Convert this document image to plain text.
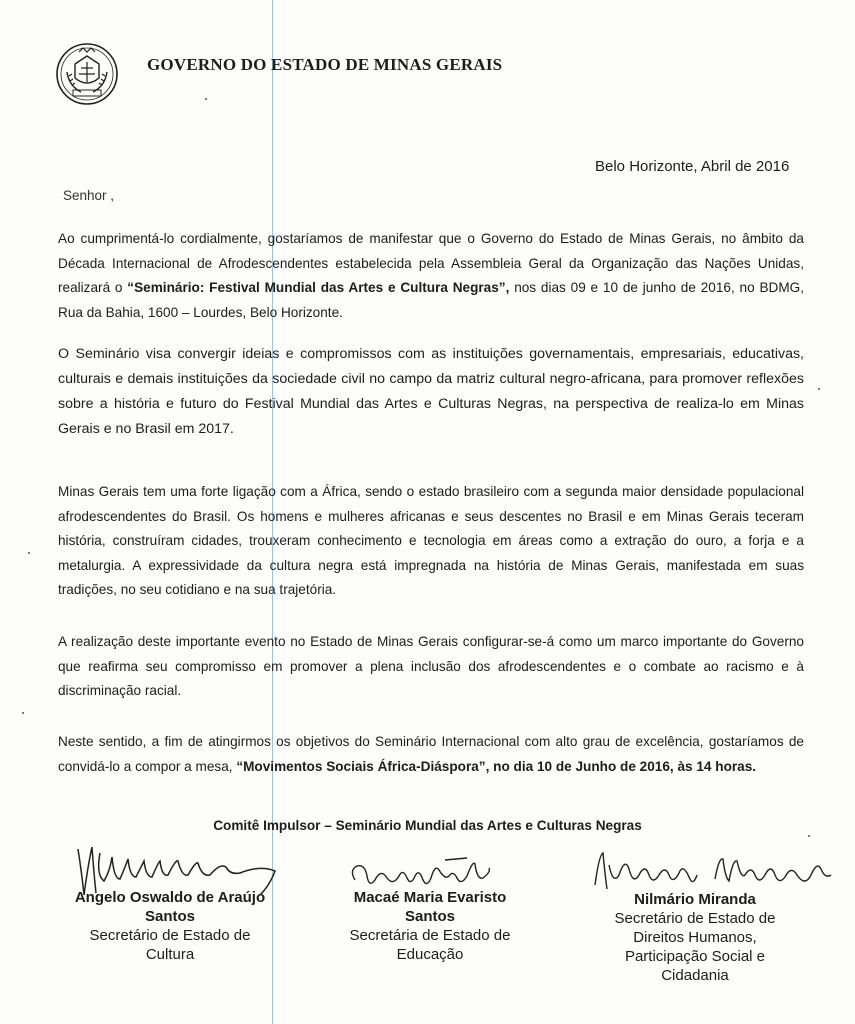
GOVERNO DO ESTADO DE MINAS GERAIS
Belo Horizonte, Abril de 2016
Senhor ,

Ao cumprimentá-lo cordialmente, gostaríamos de manifestar que o Governo do Estado de Minas Gerais, no âmbito da Década Internacional de Afrodescendentes estabelecida pela Assembleia Geral da Organização das Nações Unidas, realizará o “Seminário: Festival Mundial das Artes e Cultura Negras”, nos dias 09 e 10 de junho de 2016, no BDMG, Rua da Bahia, 1600 – Lourdes, Belo Horizonte.

O Seminário visa convergir ideias e compromissos com as instituições governamentais, empresariais, educativas, culturais e demais instituições da sociedade civil no campo da matriz cultural negro-africana, para promover reflexões sobre a história e futuro do Festival Mundial das Artes e Culturas Negras, na perspectiva de realiza-lo em Minas Gerais e no Brasil em 2017.

Minas Gerais tem uma forte ligação com a África, sendo o estado brasileiro com a segunda maior densidade populacional afrodescendentes do Brasil. Os homens e mulheres africanas e seus descentes no Brasil e em Minas Gerais teceram história, construíram cidades, trouxeram conhecimento e tecnologia em áreas como a extração do ouro, a forja e a metalurgia. A expressividade da cultura negra está impregnada na história de Minas Gerais, manifestada em suas tradições, no seu cotidiano e na sua trajetória.

A realização deste importante evento no Estado de Minas Gerais configurar-se-á como um marco importante do Governo que reafirma seu compromisso em promover a plena inclusão dos afrodescendentes e o combate ao racismo e à discriminação racial.

Neste sentido, a fim de atingirmos os objetivos do Seminário Internacional com alto grau de excelência, gostaríamos de convidá-lo a compor a mesa, “Movimentos Sociais África-Diáspora”, no dia 10 de Junho de 2016, às 14 horas.

Comitê Impulsor – Seminário Mundial das Artes e Culturas Negras
Angelo Oswaldo de Araújo
Santos
Secretário de Estado de
Cultura
Macaé Maria Evaristo
Santos
Secretária de Estado de
Educação
Nilmário Miranda
Secretário de Estado de
Direitos Humanos,
Participação Social e
Cidadania
